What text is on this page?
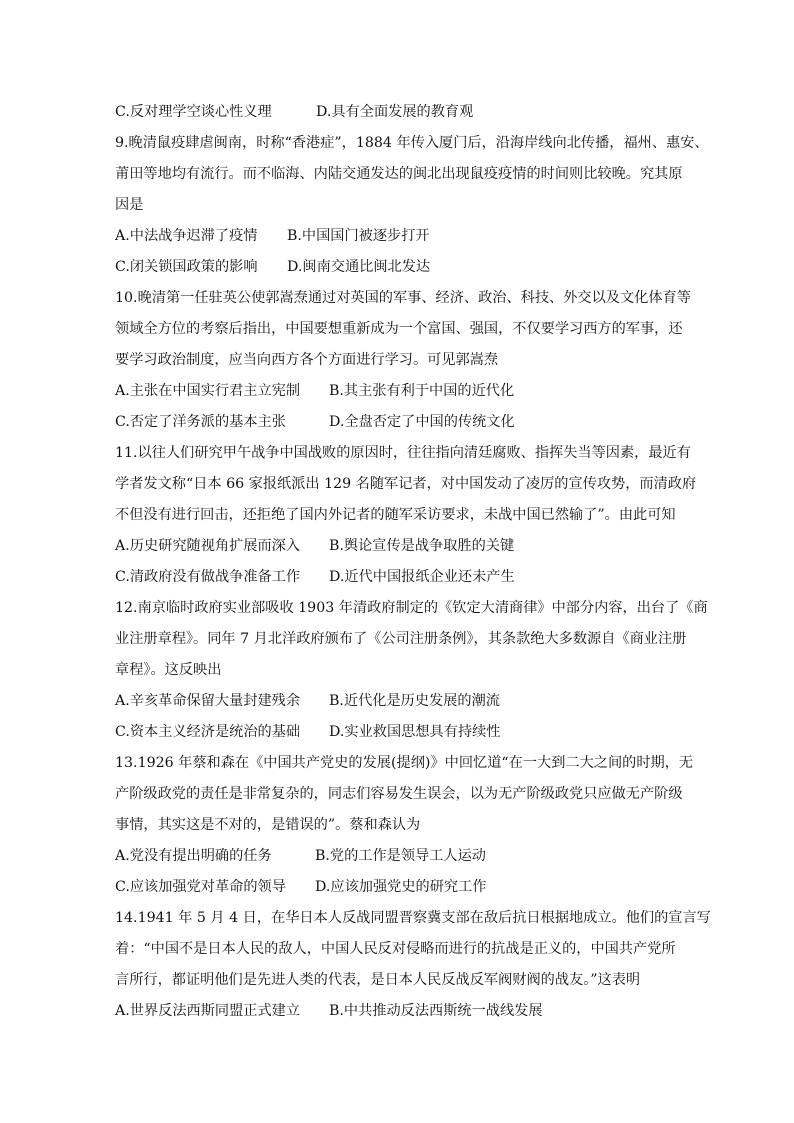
C.反对理学空谈心性义理	D.具有全面发展的教育观
9.晚清鼠疫肆虐闽南，时称“香港症”，1884 年传入厦门后，沿海岸线向北传播，福州、惠安、
莆田等地均有流行。而不临海、内陆交通发达的闽北出现鼠疫疫情的时间则比较晚。究其原
因是
A.中法战争迟滞了疫情 B.中国国门被逐步打开
C.闭关锁国政策的影响 D.闽南交通比闽北发达
10.晚清第一任驻英公使郭嵩焘通过对英国的军事、经济、政治、科技、外交以及文化体育等
领域全方位的考察后指出，中国要想重新成为一个富国、强国，不仅要学习西方的军事，还
要学习政治制度，应当向西方各个方面进行学习。可见郭嵩焘
A.主张在中国实行君主立宪制 B.其主张有利于中国的近代化
C.否定了洋务派的基本主张	D.全盘否定了中国的传统文化
11.以往人们研究甲午战争中国战败的原因时，往往指向清廷腐败、指挥失当等因素，最近有
学者发文称“日本 66 家报纸派出 129 名随军记者，对中国发动了凌厉的宣传攻势，而清政府
不但没有进行回击，还拒绝了国内外记者的随军采访要求，未战中国已然输了”。由此可知
A.历史研究随视角扩展而深入 B.舆论宣传是战争取胜的关键
C.清政府没有做战争准备工作 D.近代中国报纸企业还未产生
12.南京临时政府实业部吸收 1903 年清政府制定的《钦定大清商律》中部分内容，出台了《商
业注册章程》。同年 7 月北洋政府颁布了《公司注册条例》，其条款绝大多数源自《商业注册
章程》。这反映出
A.辛亥革命保留大量封建残余 B.近代化是历史发展的潮流
C.资本主义经济是统治的基础 D.实业救国思想具有持续性
13.1926 年蔡和森在《中国共产党史的发展(提纲)》中回忆道“在一大到二大之间的时期，无
产阶级政党的责任是非常复杂的，同志们容易发生误会，以为无产阶级政党只应做无产阶级
事情，其实这是不对的，是错误的”。蔡和森认为
A.党没有提出明确的任务	B.党的工作是领导工人运动
C.应该加强党对革命的领导 D.应该加强党史的研究工作
14.1941 年 5 月 4 日，在华日本人反战同盟晋察冀支部在敌后抗日根据地成立。他们的宣言写
着：“中国不是日本人民的敌人，中国人民反对侵略而进行的抗战是正义的，中国共产党所
言所行，都证明他们是先进人类的代表，是日本人民反战反军阀财阀的战友。”这表明
A.世界反法西斯同盟正式建立 B.中共推动反法西斯统一战线发展
